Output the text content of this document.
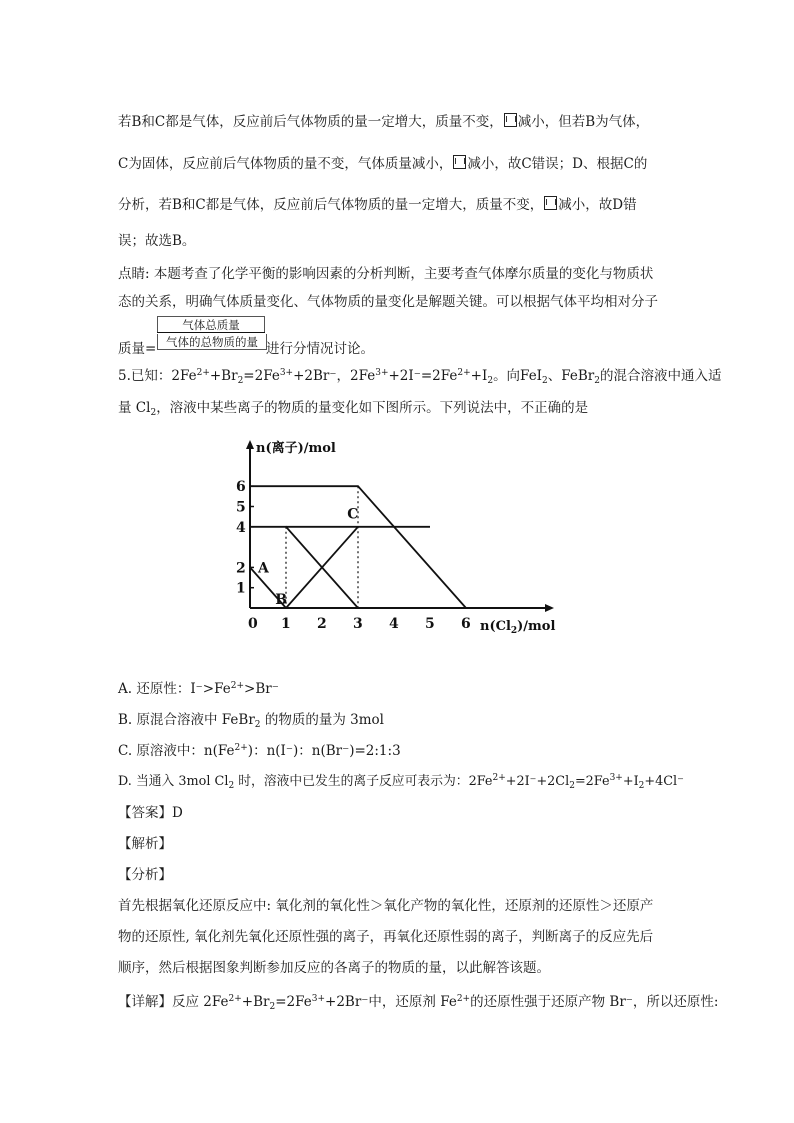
若B和C都是气体，反应前后气体物质的量一定增大，质量不变， 减小，但若B为气体，
C为固体，反应前后气体物质的量不变，气体质量减小， 减小，故C错误；D、根据C的
分析，若B和C都是气体，反应前后气体物质的量一定增大，质量不变， 减小，故D错
误；故选B。
点睛: 本题考查了化学平衡的影响因素的分析判断，主要考查气体摩尔质量的变化与物质状
态的关系，明确气体质量变化、气体物质的量变化是解题关键。可以根据气体平均相对分子
质量=
气体总质量
气体的总物质的量 进行分情况讨论。
5.已知：$2Fe^{2+}+Br_2=2Fe^{3+}+2Br^-$，$2Fe^{3+}+2I^-=2Fe^{2+}+I_2$。向FeI$_2$、FeBr$_2$的混合溶液中通入适
量 $Cl_2$，溶液中某些离子的物质的量变化如下图所示。下列说法中，不正确的是
1
2
4
5
6
0 1 2 3 4 5 6
n(离子)/mol
$n(Cl_2)$/mol
A
B
C
A. 还原性：$I^->Fe^{2+}>Br^-$
B. 原混合溶液中 FeBr$_2$ 的物质的量为 3mol
C. 原溶液中：$n(Fe^{2+})$：n(I⁻)：n(Br⁻)=2:1:3
D. 当通入 3mol $Cl_2$ 时，溶液中已发生的离子反应可表示为：$2Fe^{2+}+2I^-+2Cl_2=2Fe^{3+}+I_2+4Cl^-$
【答案】D
【解析】
【分析】
首先根据氧化还原反应中: 氧化剂的氧化性＞氧化产物的氧化性，还原剂的还原性＞还原产
物的还原性, 氧化剂先氧化还原性强的离子，再氧化还原性弱的离子，判断离子的反应先后
顺序，然后根据图象判断参加反应的各离子的物质的量，以此解答该题。
【详解】反应 $2Fe^{2+}+Br_2=2Fe^{3+}+2Br^-$中，还原剂 $Fe^{2+}$的还原性强于还原产物 Br⁻，所以还原性:
